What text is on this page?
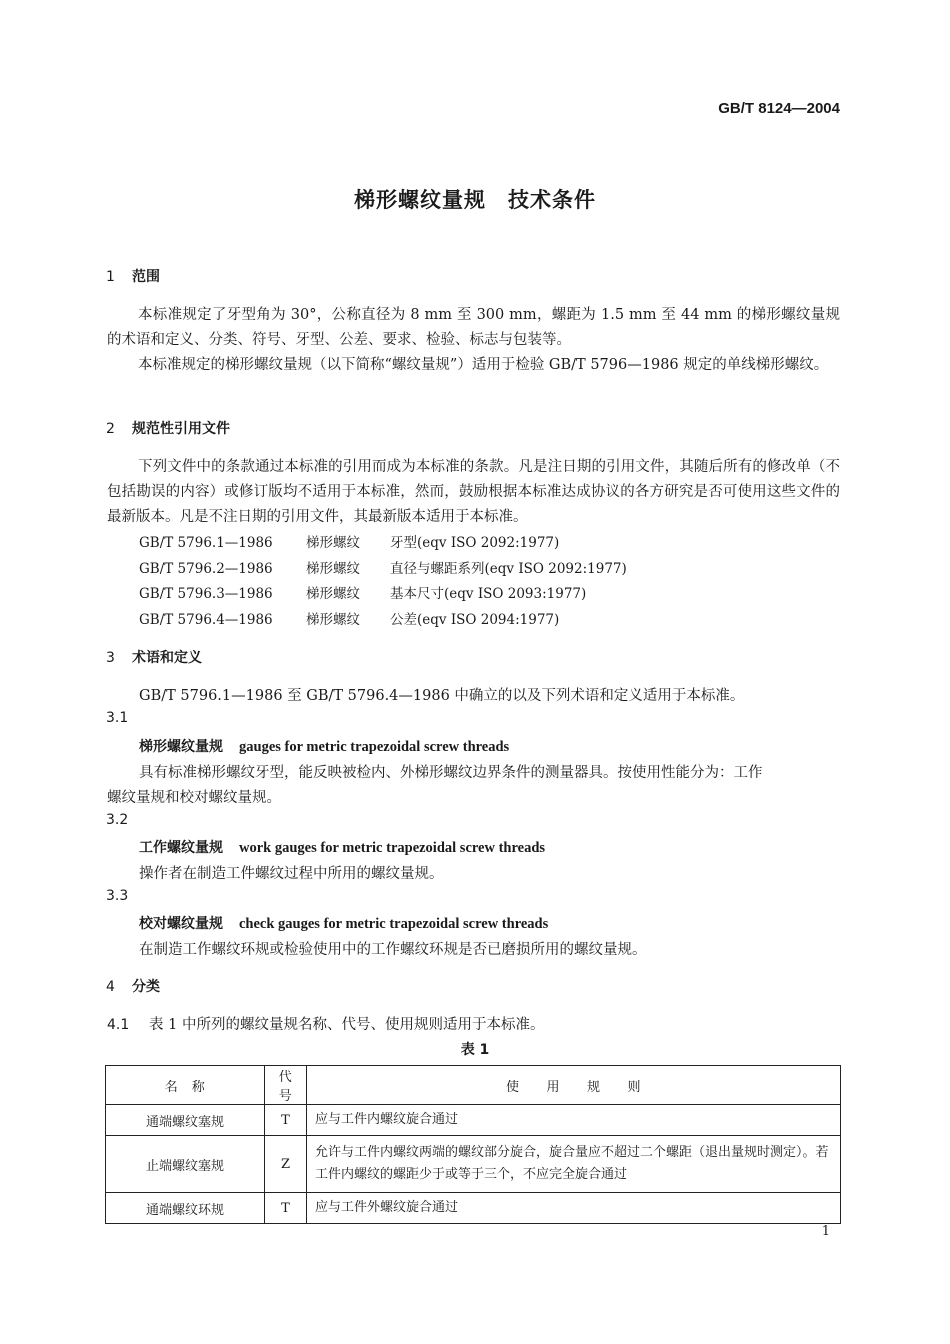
GB/T 8124—2004
梯形螺纹量规　技术条件
1 范围
本标准规定了牙型角为 30°，公称直径为 8 mm 至 300 mm，螺距为 1.5 mm 至 44 mm 的梯形螺纹量规的术语和定义、分类、符号、牙型、公差、要求、检验、标志与包装等。
本标准规定的梯形螺纹量规（以下简称“螺纹量规”）适用于检验 GB/T 5796—1986 规定的单线梯形螺纹。
2 规范性引用文件
下列文件中的条款通过本标准的引用而成为本标准的条款。凡是注日期的引用文件，其随后所有的修改单（不包括勘误的内容）或修订版均不适用于本标准，然而，鼓励根据本标准达成协议的各方研究是否可使用这些文件的最新版本。凡是不注日期的引用文件，其最新版本适用于本标准。
GB/T 5796.1—1986 梯形螺纹 牙型(eqv ISO 2092:1977)
GB/T 5796.2—1986 梯形螺纹 直径与螺距系列(eqv ISO 2092:1977)
GB/T 5796.3—1986 梯形螺纹 基本尺寸(eqv ISO 2093:1977)
GB/T 5796.4—1986 梯形螺纹 公差(eqv ISO 2094:1977)
3 术语和定义
GB/T 5796.1—1986 至 GB/T 5796.4—1986 中确立的以及下列术语和定义适用于本标准。
3.1
梯形螺纹量规 gauges for metric trapezoidal screw threads
具有标准梯形螺纹牙型，能反映被检内、外梯形螺纹边界条件的测量器具。按使用性能分为：工作
螺纹量规和校对螺纹量规。
3.2
工作螺纹量规 work gauges for metric trapezoidal screw threads
操作者在制造工件螺纹过程中所用的螺纹量规。
3.3
校对螺纹量规 check gauges for metric trapezoidal screw threads
在制造工作螺纹环规或检验使用中的工作螺纹环规是否已磨损所用的螺纹量规。
4 分类
4.1 表 1 中所列的螺纹量规名称、代号、使用规则适用于本标准。
表 1
名　称	代号	使　　用　　规　　则
通端螺纹塞规	T	应与工件内螺纹旋合通过
止端螺纹塞规	Z	允许与工件内螺纹两端的螺纹部分旋合，旋合量应不超过二个螺距（退出量规时测定）。若工件内螺纹的螺距少于或等于三个，不应完全旋合通过
通端螺纹环规	T	应与工件外螺纹旋合通过
1
